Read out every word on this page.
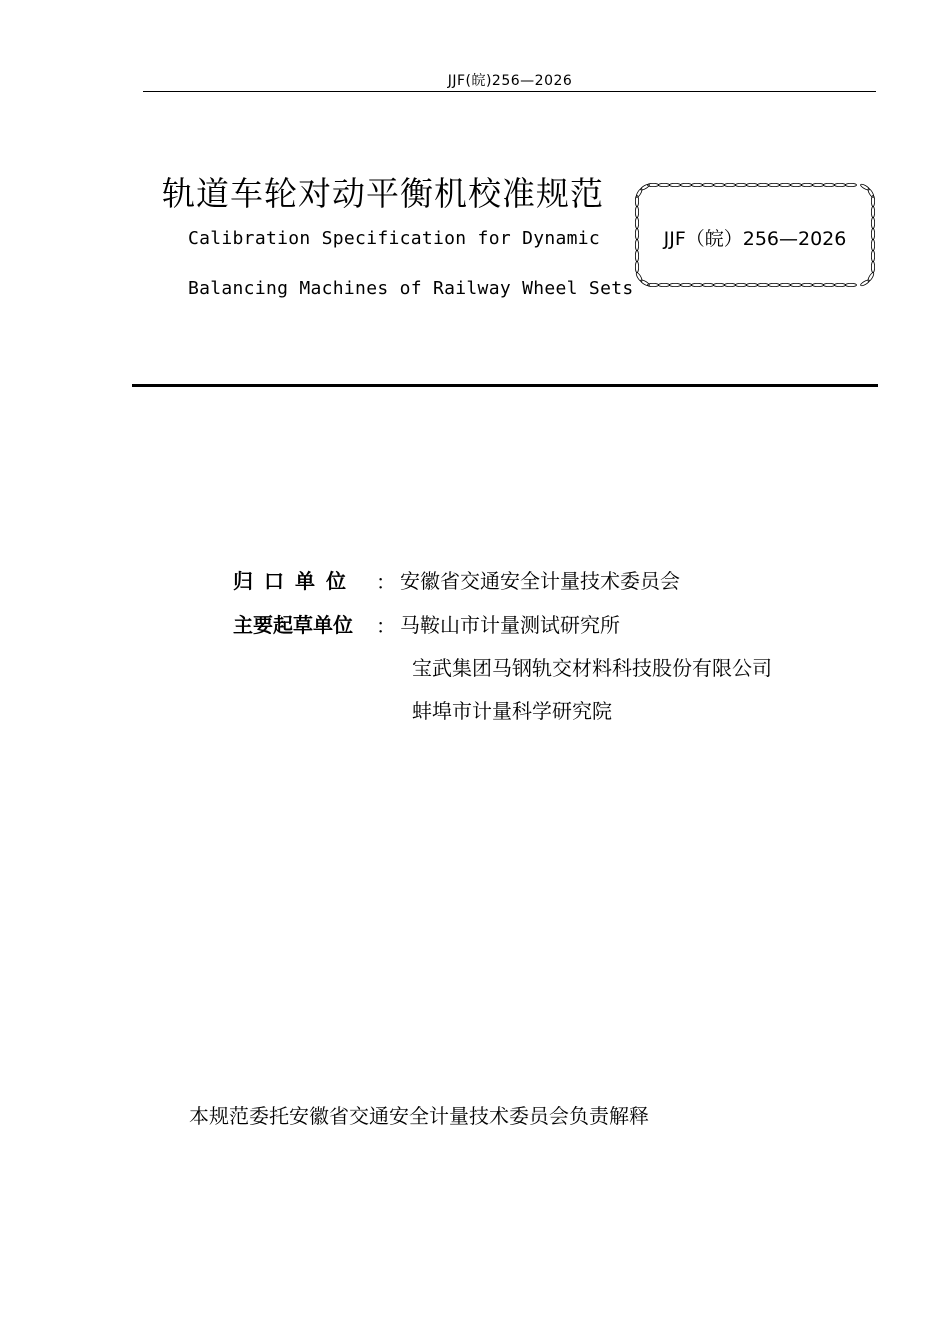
JJF(皖)256—2026
轨道车轮对动平衡机校准规范
Calibration Specification for Dynamic
Balancing Machines of Railway Wheel Sets
JJF（皖）256—2026
归口单位 ： 安徽省交通安全计量技术委员会
主要起草单位 ： 马鞍山市计量测试研究所
宝武集团马钢轨交材料科技股份有限公司
蚌埠市计量科学研究院
本规范委托安徽省交通安全计量技术委员会负责解释
